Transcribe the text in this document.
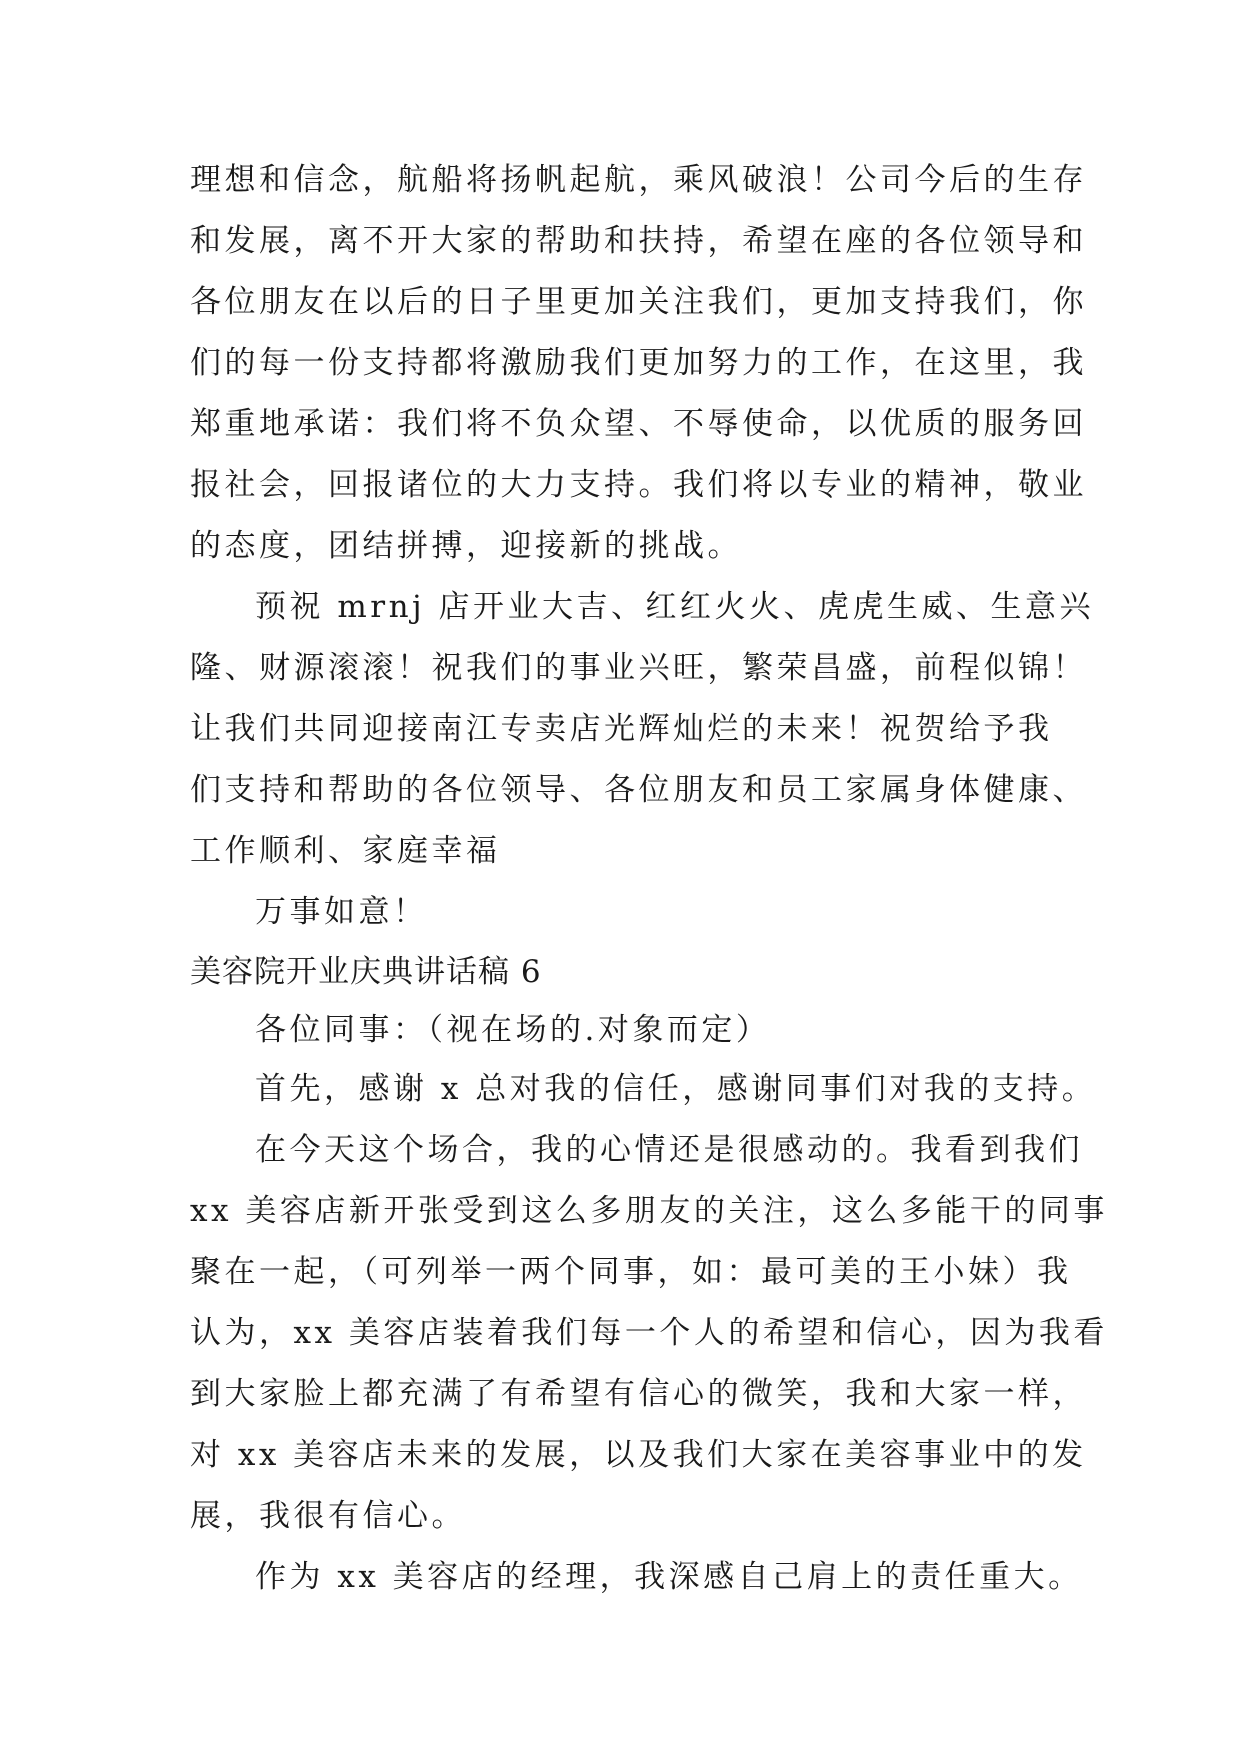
理想和信念，航船将扬帆起航，乘风破浪！公司今后的生存
和发展，离不开大家的帮助和扶持，希望在座的各位领导和
各位朋友在以后的日子里更加关注我们，更加支持我们，你
们的每一份支持都将激励我们更加努力的工作，在这里，我
郑重地承诺：我们将不负众望、不辱使命，以优质的服务回
报社会，回报诸位的大力支持。我们将以专业的精神，敬业
的态度，团结拼搏，迎接新的挑战。
预祝 mrnj 店开业大吉、红红火火、虎虎生威、生意兴
隆、财源滚滚！祝我们的事业兴旺，繁荣昌盛，前程似锦！
让我们共同迎接南江专卖店光辉灿烂的未来！祝贺给予我
们支持和帮助的各位领导、各位朋友和员工家属身体健康、
工作顺利、家庭幸福
万事如意！
美容院开业庆典讲话稿 6
各位同事：（视在场的.对象而定）
首先，感谢 x 总对我的信任，感谢同事们对我的支持。
在今天这个场合，我的心情还是很感动的。我看到我们
xx 美容店新开张受到这么多朋友的关注，这么多能干的同事
聚在一起，（可列举一两个同事，如：最可美的王小妹）我
认为，xx 美容店装着我们每一个人的希望和信心，因为我看
到大家脸上都充满了有希望有信心的微笑，我和大家一样，
对 xx 美容店未来的发展，以及我们大家在美容事业中的发
展，我很有信心。
作为 xx 美容店的经理，我深感自己肩上的责任重大。
